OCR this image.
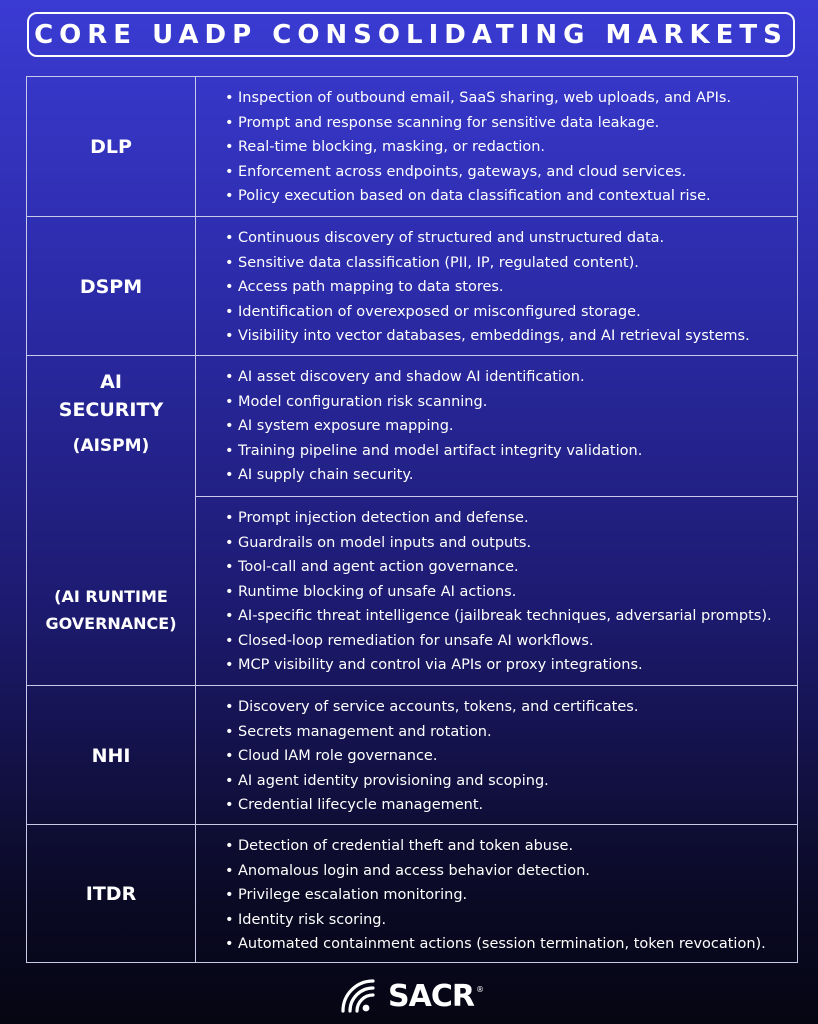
CORE UADP CONSOLIDATING MARKETS
DLP
• Inspection of outbound email, SaaS sharing, web uploads, and APIs.
• Prompt and response scanning for sensitive data leakage.
• Real-time blocking, masking, or redaction.
• Enforcement across endpoints, gateways, and cloud services.
• Policy execution based on data classification and contextual rise.
DSPM
• Continuous discovery of structured and unstructured data.
• Sensitive data classification (PII, IP, regulated content).
• Access path mapping to data stores.
• Identification of overexposed or misconfigured storage.
• Visibility into vector databases, embeddings, and AI retrieval systems.
AI
SECURITY
(AISPM)
(AI RUNTIME
GOVERNANCE)
• AI asset discovery and shadow AI identification.
• Model configuration risk scanning.
• AI system exposure mapping.
• Training pipeline and model artifact integrity validation.
• AI supply chain security.
• Prompt injection detection and defense.
• Guardrails on model inputs and outputs.
• Tool-call and agent action governance.
• Runtime blocking of unsafe AI actions.
• AI-specific threat intelligence (jailbreak techniques, adversarial prompts).
• Closed-loop remediation for unsafe AI workflows.
• MCP visibility and control via APIs or proxy integrations.
NHI
• Discovery of service accounts, tokens, and certificates.
• Secrets management and rotation.
• Cloud IAM role governance.
• AI agent identity provisioning and scoping.
• Credential lifecycle management.
ITDR
• Detection of credential theft and token abuse.
• Anomalous login and access behavior detection.
• Privilege escalation monitoring.
• Identity risk scoring.
• Automated containment actions (session termination, token revocation).
SACR ®
